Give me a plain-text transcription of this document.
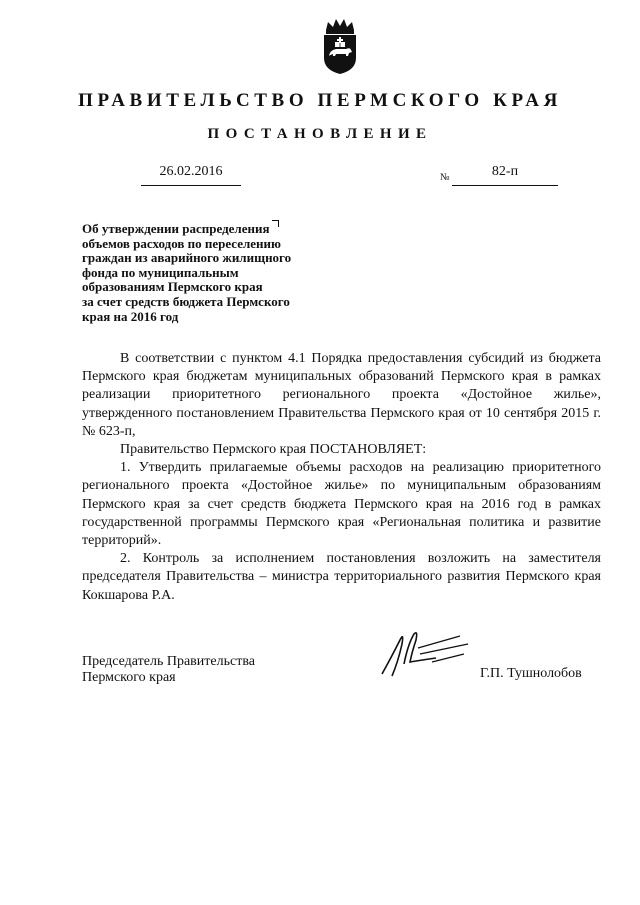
ПРАВИТЕЛЬСТВО ПЕРМСКОГО КРАЯ
ПОСТАНОВЛЕНИЕ
26.02.2016	№	82-п
Об утверждении распределения
объемов расходов по переселению
граждан из аварийного жилищного
фонда по муниципальным
образованиям Пермского края
за счет средств бюджета Пермского
края на 2016 год

В соответствии с пунктом 4.1 Порядка предоставления субсидий из бюджета Пермского края бюджетам муниципальных образований Пермского края в рамках реализации приоритетного регионального проекта «Достойное жилье», утвержденного постановлением Правительства Пермского края от 10 сентября 2015 г. № 623-п,

Правительство Пермского края ПОСТАНОВЛЯЕТ:

1. Утвердить прилагаемые объемы расходов на реализацию приоритетного регионального проекта «Достойное жилье» по муниципальным образованиям Пермского края за счет средств бюджета Пермского края на 2016 год в рамках государственной программы Пермского края «Региональная политика и развитие территорий».

2. Контроль за исполнением постановления возложить на заместителя председателя Правительства – министра территориального развития Пермского края Кокшарова Р.А.

Председатель Правительства
Пермского края	Г.П. Тушнолобов
